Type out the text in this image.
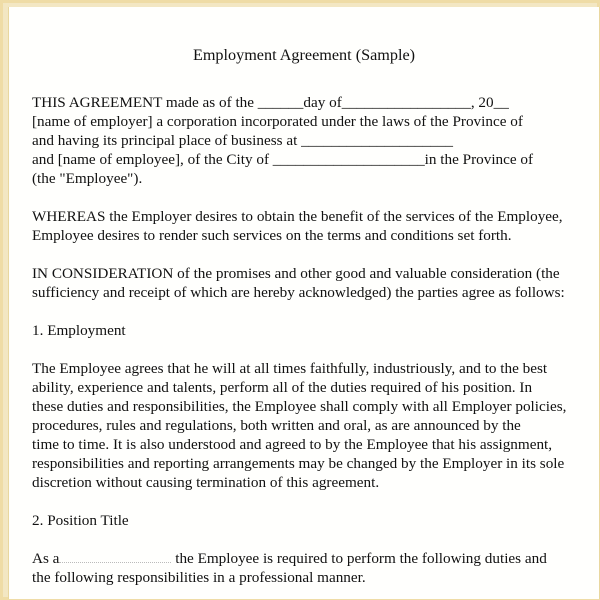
Employment Agreement (Sample)

THIS AGREEMENT made as of the ______day of_________________, 20__

[name of employer] a corporation incorporated under the laws of the Province of

and having its principal place of business at ____________________

and [name of employee], of the City of ____________________in the Province of

(the "Employee").

WHEREAS the Employer desires to obtain the benefit of the services of the Employee,

Employee desires to render such services on the terms and conditions set forth.

IN CONSIDERATION of the promises and other good and valuable consideration (the

sufficiency and receipt of which are hereby acknowledged) the parties agree as follows:

1. Employment

The Employee agrees that he will at all times faithfully, industriously, and to the best

ability, experience and talents, perform all of the duties required of his position. In

these duties and responsibilities, the Employee shall comply with all Employer policies,

procedures, rules and regulations, both written and oral, as are announced by the

time to time. It is also understood and agreed to by the Employee that his assignment,

responsibilities and reporting arrangements may be changed by the Employer in its sole

discretion without causing termination of this agreement.

2. Position Title

As a	the Employee is required to perform the following duties and

the following responsibilities in a professional manner.
